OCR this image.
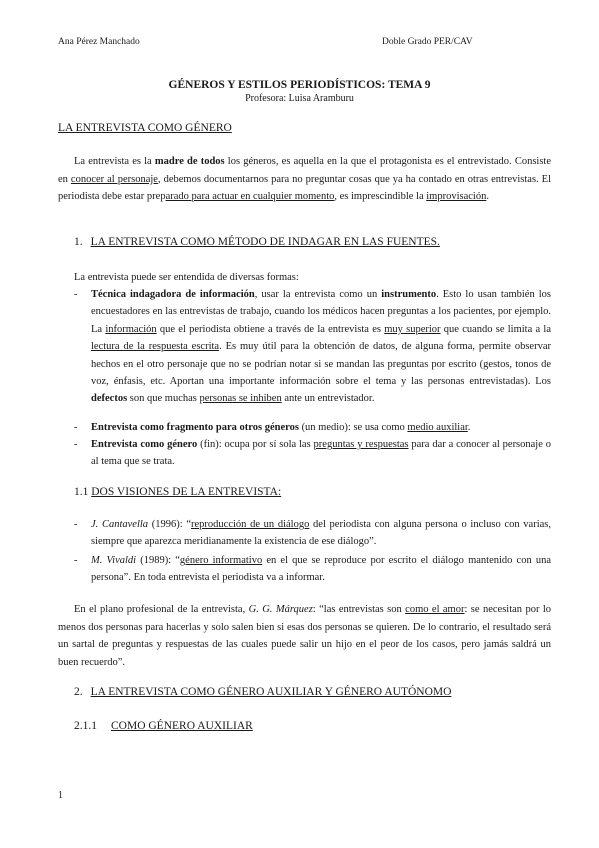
Ana Pérez Manchado	Doble Grado PER/CAV
GÉNEROS Y ESTILOS PERIODÍSTICOS: TEMA 9
Profesora: Luisa Aramburu
LA ENTREVISTA COMO GÉNERO
La entrevista es la madre de todos los géneros, es aquella en la que el protagonista es el entrevistado. Consiste en conocer al personaje, debemos documentarnos para no preguntar cosas que ya ha contado en otras entrevistas. El periodista debe estar preparado para actuar en cualquier momento, es imprescindible la improvisación.
1. LA ENTREVISTA COMO MÉTODO DE INDAGAR EN LAS FUENTES.
La entrevista puede ser entendida de diversas formas:
- Técnica indagadora de información, usar la entrevista como un instrumento. Esto lo usan también los encuestadores en las entrevistas de trabajo, cuando los médicos hacen preguntas a los pacientes, por ejemplo. La información que el periodista obtiene a través de la entrevista es muy superior que cuando se limita a la lectura de la respuesta escrita. Es muy útil para la obtención de datos, de alguna forma, permite observar hechos en el otro personaje que no se podrían notar si se mandan las preguntas por escrito (gestos, tonos de voz, énfasis, etc. Aportan una importante información sobre el tema y las personas entrevistadas). Los defectos son que muchas personas se inhiben ante un entrevistador.
- Entrevista como fragmento para otros géneros (un medio): se usa como medio auxiliar.
- Entrevista como género (fin): ocupa por sí sola las preguntas y respuestas para dar a conocer al personaje o al tema que se trata.
1.1 DOS VISIONES DE LA ENTREVISTA:
- J. Cantavella (1996): “reproducción de un diálogo del periodista con alguna persona o incluso con varias, siempre que aparezca meridianamente la existencia de ese diálogo”.
- M. Vivaldi (1989): “género informativo en el que se reproduce por escrito el diálogo mantenido con una persona”. En toda entrevista el periodista va a informar.
En el plano profesional de la entrevista, G. G. Márquez: “las entrevistas son como el amor: se necesitan por lo menos dos personas para hacerlas y solo salen bien si esas dos personas se quieren. De lo contrario, el resultado será un sartal de preguntas y respuestas de las cuales puede salir un hijo en el peor de los casos, pero jamás saldrá un buen recuerdo”.
2. LA ENTREVISTA COMO GÉNERO AUXILIAR Y GÉNERO AUTÓNOMO
2.1.1 COMO GÉNERO AUXILIAR
1
